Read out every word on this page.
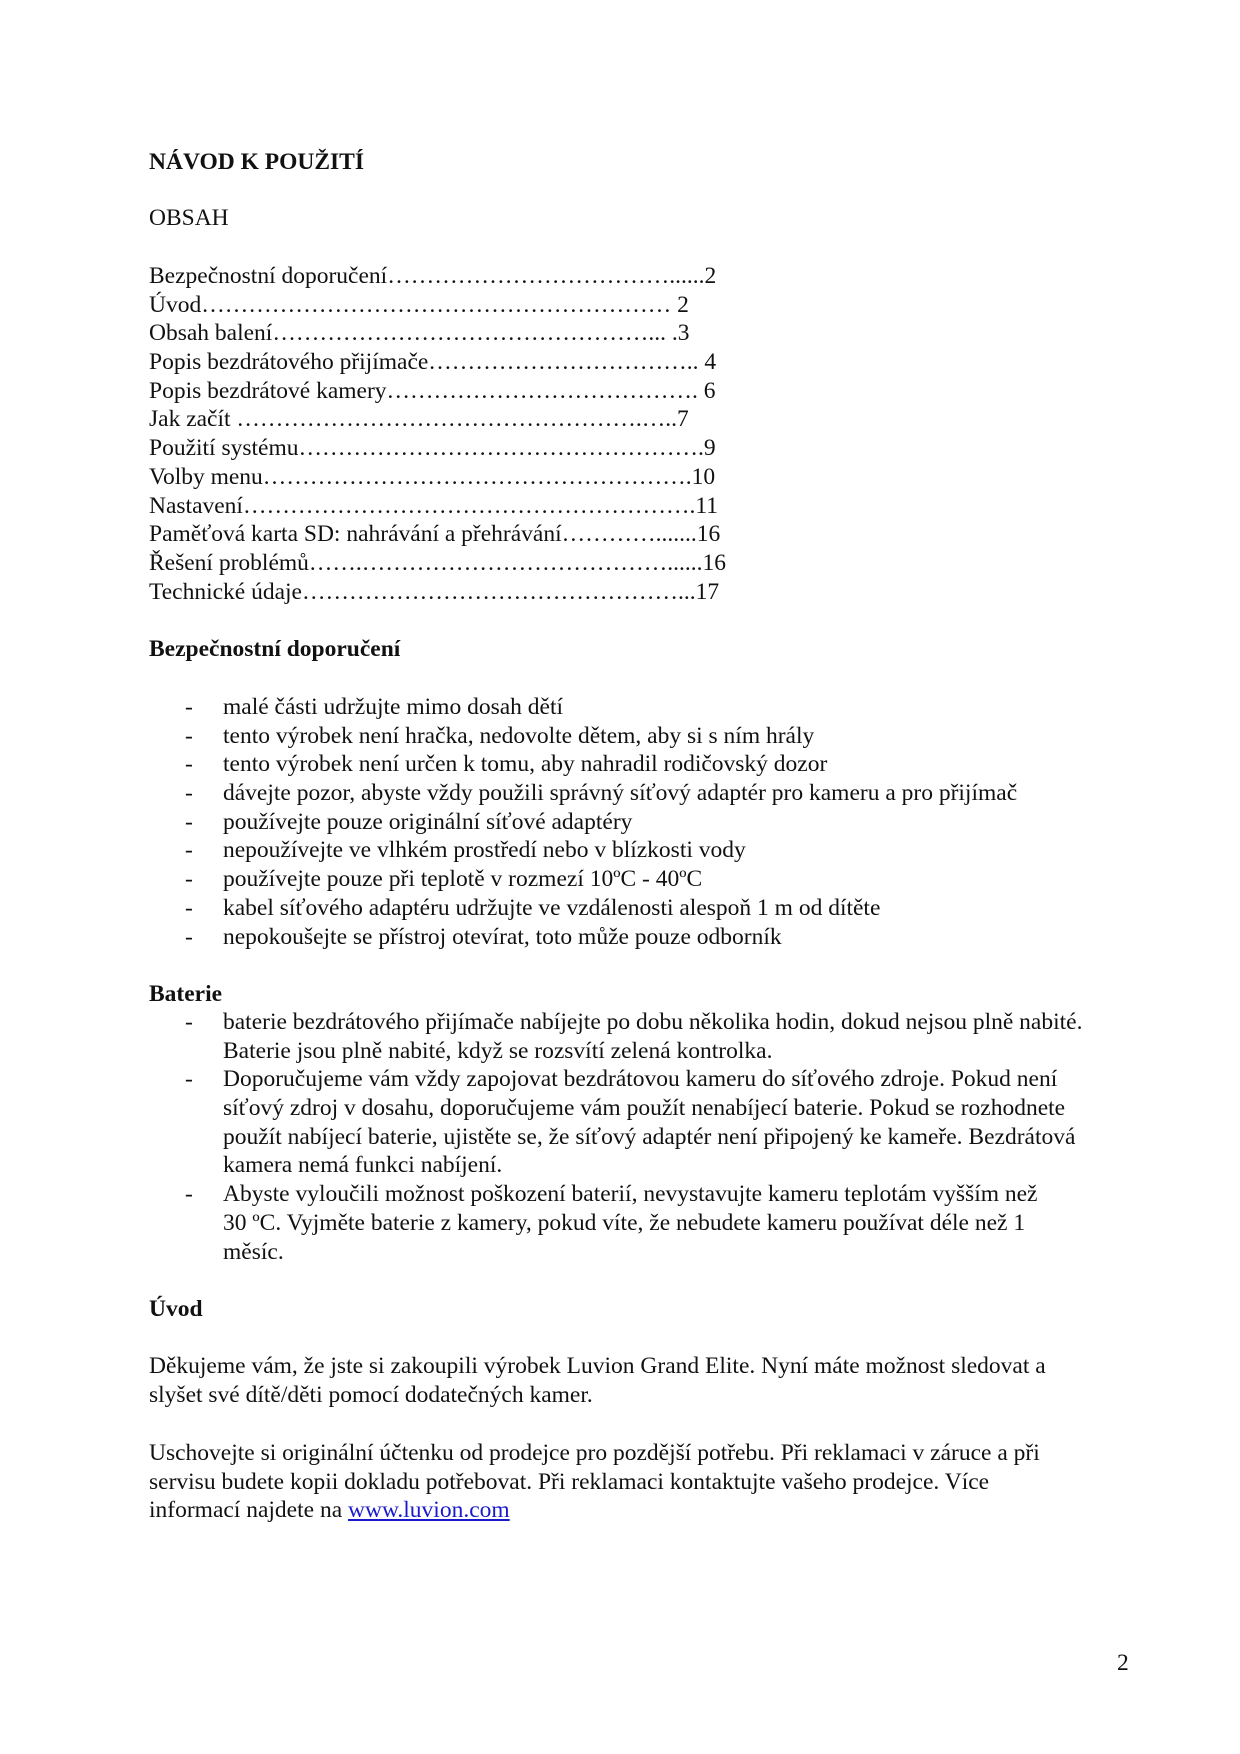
NÁVOD K POUŽITÍ
OBSAH
Bezpečnostní doporučení………………………………......2
Úvod…………………………………………………… 2
Obsah balení…………………………………………... .3
Popis bezdrátového přijímače…………………………….. 4
Popis bezdrátové kamery…………………………………. 6
Jak začít …………………………………………….…..7
Použití systému…………………………………………….9
Volby menu……………………………………………….10
Nastavení………………………………………………….11
Paměťová karta SD: nahrávání a přehrávání………….......16
Řešení problémů…….…………………………………......16
Technické údaje…………………………………………...17
Bezpečnostní doporučení
- malé části udržujte mimo dosah dětí
- tento výrobek není hračka, nedovolte dětem, aby si s ním hrály
- tento výrobek není určen k tomu, aby nahradil rodičovský dozor
- dávejte pozor, abyste vždy použili správný síťový adaptér pro kameru a pro přijímač
- používejte pouze originální síťové adaptéry
- nepoužívejte ve vlhkém prostředí nebo v blízkosti vody
- používejte pouze při teplotě v rozmezí 10ºC - 40ºC
- kabel síťového adaptéru udržujte ve vzdálenosti alespoň 1 m od dítěte
- nepokoušejte se přístroj otevírat, toto může pouze odborník
Baterie
- baterie bezdrátového přijímače nabíjejte po dobu několika hodin, dokud nejsou plně nabité.
Baterie jsou plně nabité, když se rozsvítí zelená kontrolka.
- Doporučujeme vám vždy zapojovat bezdrátovou kameru do síťového zdroje. Pokud není
síťový zdroj v dosahu, doporučujeme vám použít nenabíjecí baterie. Pokud se rozhodnete
použít nabíjecí baterie, ujistěte se, že síťový adaptér není připojený ke kameře. Bezdrátová
kamera nemá funkci nabíjení.
- Abyste vyloučili možnost poškození baterií, nevystavujte kameru teplotám vyšším než
30 ºC. Vyjměte baterie z kamery, pokud víte, že nebudete kameru používat déle než 1
měsíc.
Úvod
Děkujeme vám, že jste si zakoupili výrobek Luvion Grand Elite. Nyní máte možnost sledovat a
slyšet své dítě/děti pomocí dodatečných kamer.
Uschovejte si originální účtenku od prodejce pro pozdější potřebu. Při reklamaci v záruce a při
servisu budete kopii dokladu potřebovat. Při reklamaci kontaktujte vašeho prodejce. Více
informací najdete na www.luvion.com
2
